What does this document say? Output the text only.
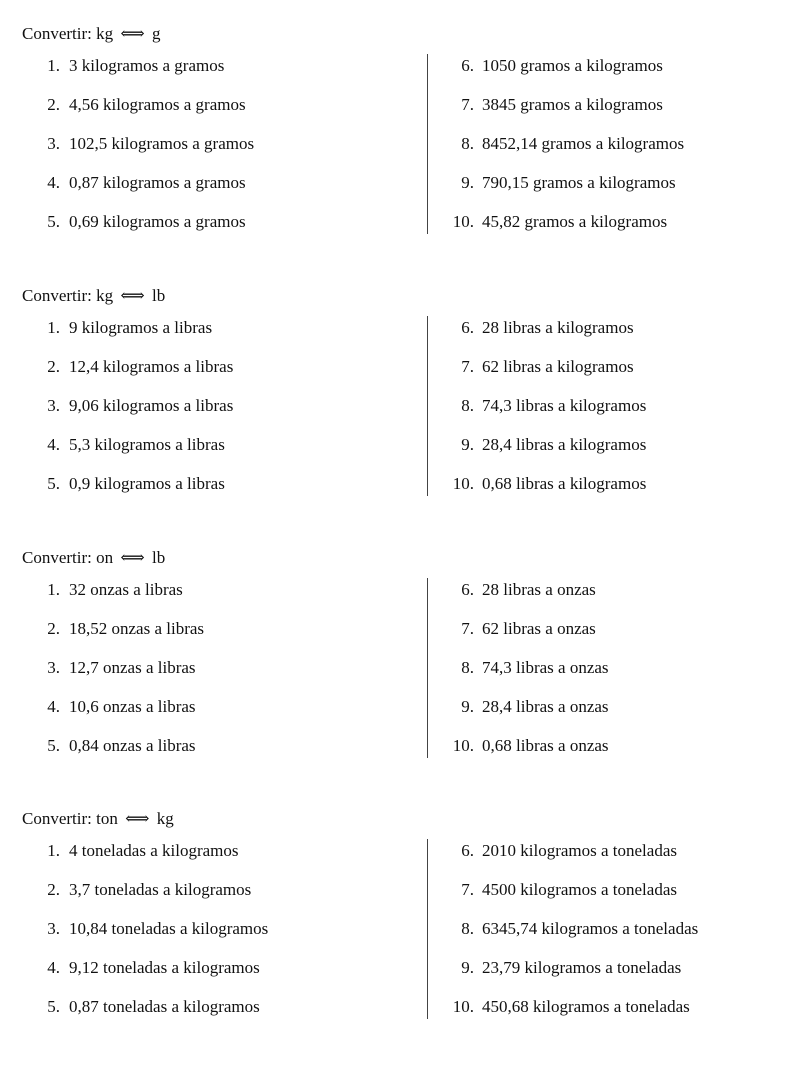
Convertir: kg ⟺ g
1. 3 kilogramos a gramos
2. 4,56 kilogramos a gramos
3. 102,5 kilogramos a gramos
4. 0,87 kilogramos a gramos
5. 0,69 kilogramos a gramos
6. 1050 gramos a kilogramos
7. 3845 gramos a kilogramos
8. 8452,14 gramos a kilogramos
9. 790,15 gramos a kilogramos
10. 45,82 gramos a kilogramos
Convertir: kg ⟺ lb
1. 9 kilogramos a libras
2. 12,4 kilogramos a libras
3. 9,06 kilogramos a libras
4. 5,3 kilogramos a libras
5. 0,9 kilogramos a libras
6. 28 libras a kilogramos
7. 62 libras a kilogramos
8. 74,3 libras a kilogramos
9. 28,4 libras a kilogramos
10. 0,68 libras a kilogramos
Convertir: on ⟺ lb
1. 32 onzas a libras
2. 18,52 onzas a libras
3. 12,7 onzas a libras
4. 10,6 onzas a libras
5. 0,84 onzas a libras
6. 28 libras a onzas
7. 62 libras a onzas
8. 74,3 libras a onzas
9. 28,4 libras a onzas
10. 0,68 libras a onzas
Convertir: ton ⟺ kg
1. 4 toneladas a kilogramos
2. 3,7 toneladas a kilogramos
3. 10,84 toneladas a kilogramos
4. 9,12 toneladas a kilogramos
5. 0,87 toneladas a kilogramos
6. 2010 kilogramos a toneladas
7. 4500 kilogramos a toneladas
8. 6345,74 kilogramos a toneladas
9. 23,79 kilogramos a toneladas
10. 450,68 kilogramos a toneladas
